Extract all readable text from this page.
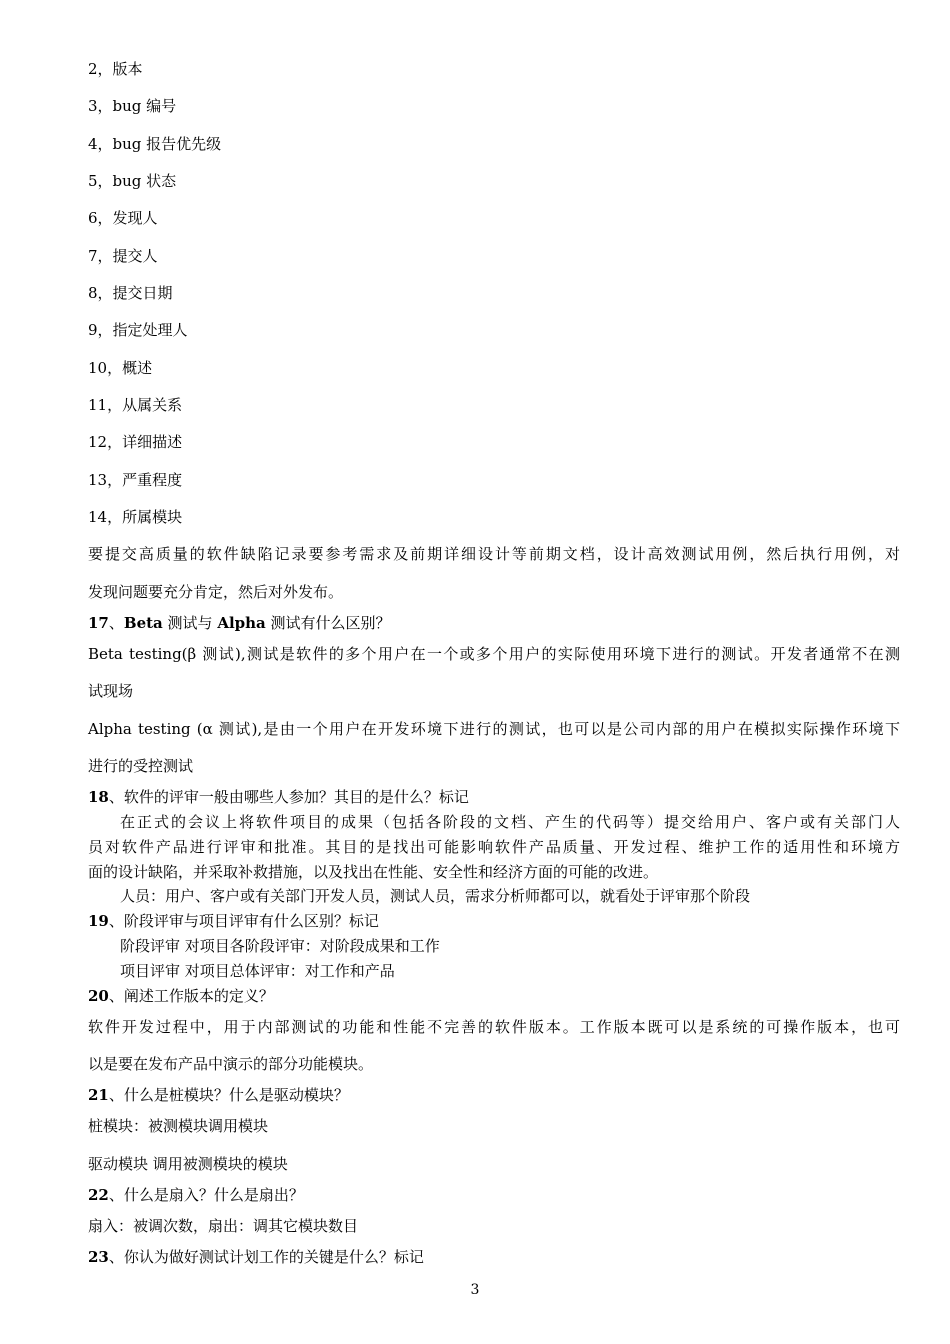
2，版本
3，bug 编号
4，bug 报告优先级
5，bug 状态
6，发现人
7，提交人
8，提交日期
9，指定处理人
10，概述
11，从属关系
12，详细描述
13，严重程度
14，所属模块
要提交高质量的软件缺陷记录要参考需求及前期详细设计等前期文档，设计高效测试用例，然后执行用例，对
发现问题要充分肯定，然后对外发布。
17、Beta 测试与 Alpha 测试有什么区别？
Beta testing(β 测试),测试是软件的多个用户在一个或多个用户的实际使用环境下进行的测试。开发者通常不在测
试现场
Alpha testing (α 测试),是由一个用户在开发环境下进行的测试，也可以是公司内部的用户在模拟实际操作环境下
进行的受控测试
18、软件的评审一般由哪些人参加？其目的是什么？标记
在正式的会议上将软件项目的成果（包括各阶段的文档、产生的代码等）提交给用户、客户或有关部门人
员对软件产品进行评审和批准。其目的是找出可能影响软件产品质量、开发过程、维护工作的适用性和环境方
面的设计缺陷，并采取补救措施，以及找出在性能、安全性和经济方面的可能的改进。
人员：用户、客户或有关部门开发人员，测试人员，需求分析师都可以，就看处于评审那个阶段
19、阶段评审与项目评审有什么区别？标记
阶段评审 对项目各阶段评审：对阶段成果和工作
项目评审 对项目总体评审：对工作和产品
20、阐述工作版本的定义？
软件开发过程中，用于内部测试的功能和性能不完善的软件版本。工作版本既可以是系统的可操作版本，也可
以是要在发布产品中演示的部分功能模块。
21、什么是桩模块？什么是驱动模块？
桩模块：被测模块调用模块
驱动模块 调用被测模块的模块
22、什么是扇入？什么是扇出？
扇入：被调次数，扇出：调其它模块数目
23、你认为做好测试计划工作的关键是什么？标记
3
